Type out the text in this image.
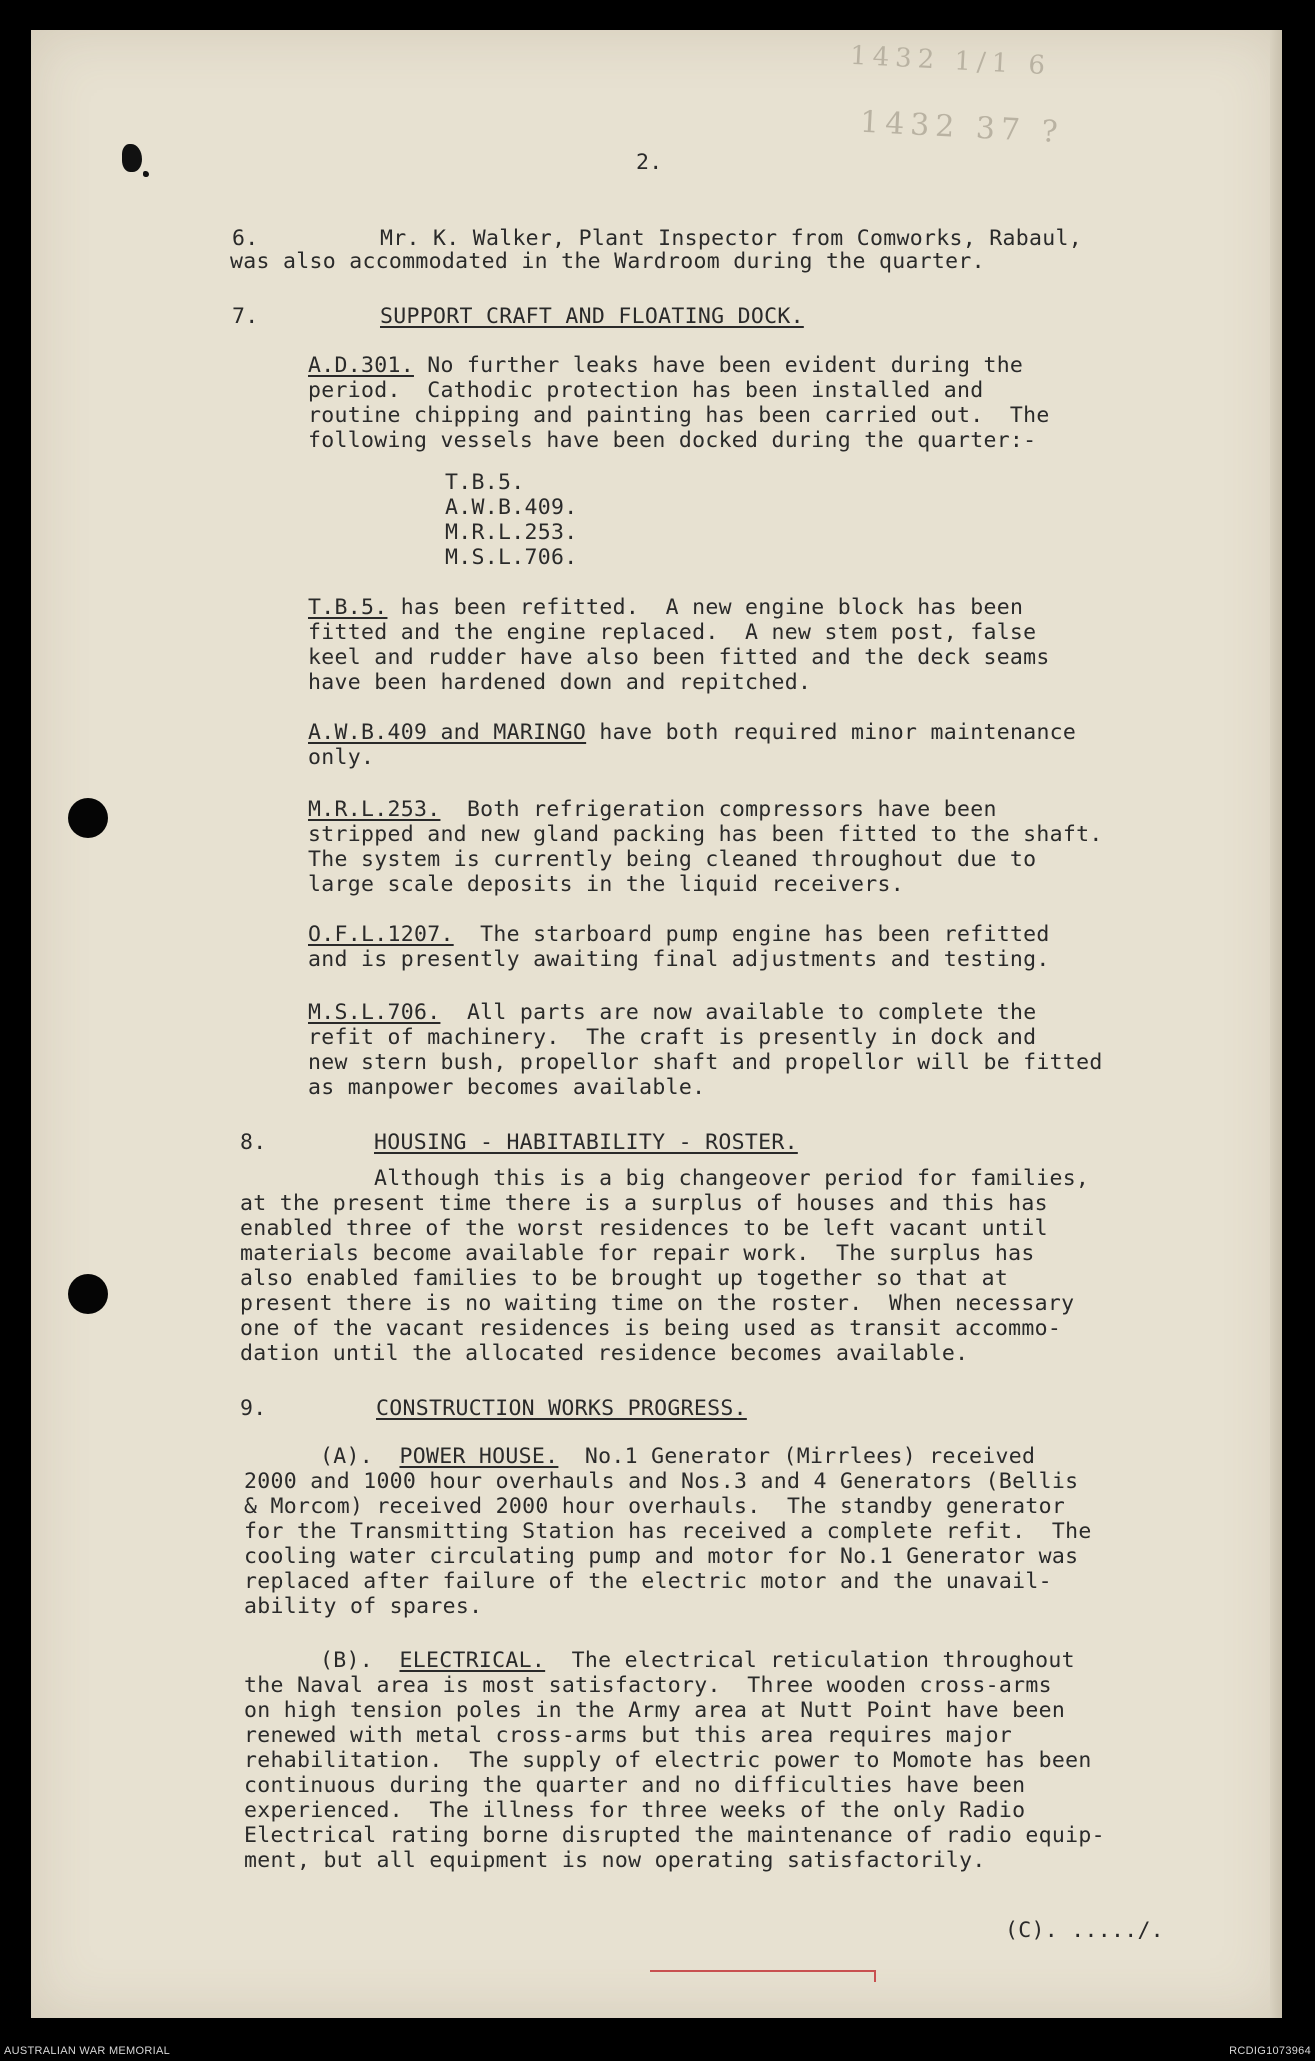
1432 1/1 6
1432 37 ?
2.
6.	Mr. K. Walker, Plant Inspector from Comworks, Rabaul,
was also accommodated in the Wardroom during the quarter.
7.	SUPPORT CRAFT AND FLOATING DOCK.
A.D.301. No further leaks have been evident during the
period.  Cathodic protection has been installed and
routine chipping and painting has been carried out.  The
following vessels have been docked during the quarter:-
T.B.5.
A.W.B.409.
M.R.L.253.
M.S.L.706.
T.B.5. has been refitted.  A new engine block has been
fitted and the engine replaced.  A new stem post, false
keel and rudder have also been fitted and the deck seams
have been hardened down and repitched.
A.W.B.409 and MARINGO have both required minor maintenance
only.
M.R.L.253.  Both refrigeration compressors have been
stripped and new gland packing has been fitted to the shaft.
The system is currently being cleaned throughout due to
large scale deposits in the liquid receivers.
O.F.L.1207.  The starboard pump engine has been refitted
and is presently awaiting final adjustments and testing.
M.S.L.706.  All parts are now available to complete the
refit of machinery.  The craft is presently in dock and
new stern bush, propellor shaft and propellor will be fitted
as manpower becomes available.
8.	HOUSING - HABITABILITY - ROSTER.
Although this is a big changeover period for families,
at the present time there is a surplus of houses and this has
enabled three of the worst residences to be left vacant until
materials become available for repair work.  The surplus has
also enabled families to be brought up together so that at
present there is no waiting time on the roster.  When necessary
one of the vacant residences is being used as transit accommo-
dation until the allocated residence becomes available.
9.	CONSTRUCTION WORKS PROGRESS.
(A).  POWER HOUSE.  No.1 Generator (Mirrlees) received
2000 and 1000 hour overhauls and Nos.3 and 4 Generators (Bellis
& Morcom) received 2000 hour overhauls.  The standby generator
for the Transmitting Station has received a complete refit.  The
cooling water circulating pump and motor for No.1 Generator was
replaced after failure of the electric motor and the unavail-
ability of spares.
(B).  ELECTRICAL.  The electrical reticulation throughout
the Naval area is most satisfactory.  Three wooden cross-arms
on high tension poles in the Army area at Nutt Point have been
renewed with metal cross-arms but this area requires major
rehabilitation.  The supply of electric power to Momote has been
continuous during the quarter and no difficulties have been
experienced.  The illness for three weeks of the only Radio
Electrical rating borne disrupted the maintenance of radio equip-
ment, but all equipment is now operating satisfactorily.
(C). ...../.
AUSTRALIAN WAR MEMORIAL	RCDIG1073964
